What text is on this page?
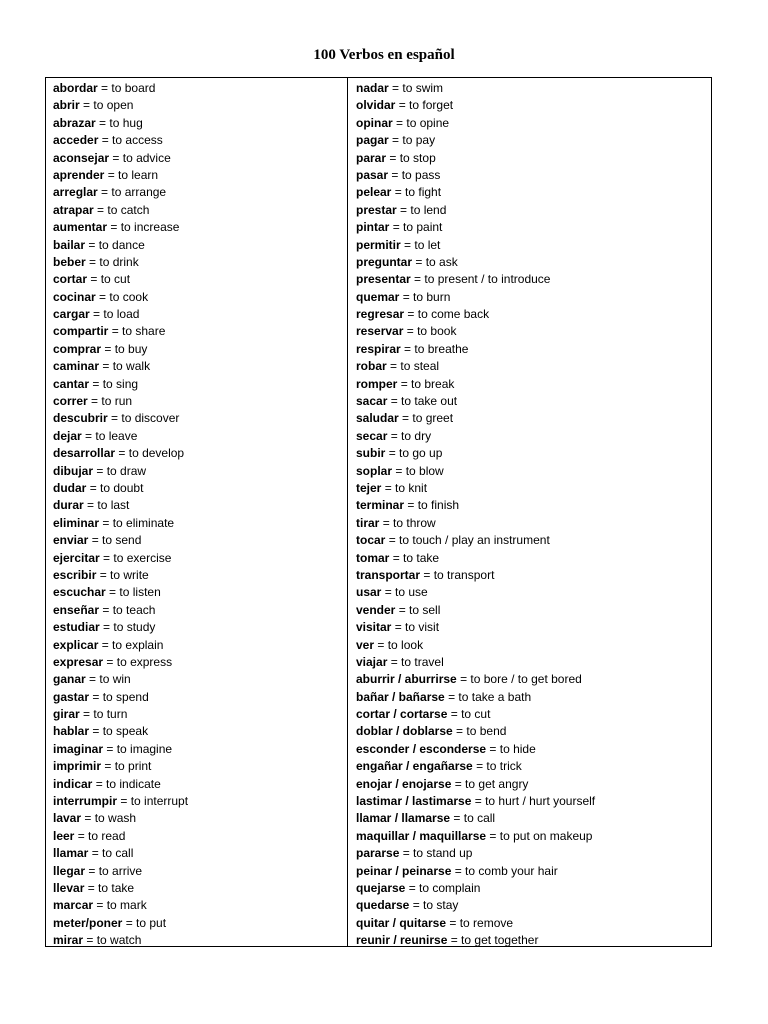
100 Verbos en español
abordar = to board
abrir = to open
abrazar = to hug
acceder = to access
aconsejar = to advice
aprender = to learn
arreglar = to arrange
atrapar = to catch
aumentar = to increase
bailar = to dance
beber = to drink
cortar = to cut
cocinar = to cook
cargar = to load
compartir = to share
comprar = to buy
caminar = to walk
cantar = to sing
correr = to run
descubrir = to discover
dejar = to leave
desarrollar = to develop
dibujar = to draw
dudar = to doubt
durar = to last
eliminar = to eliminate
enviar = to send
ejercitar = to exercise
escribir = to write
escuchar = to listen
enseñar = to teach
estudiar = to study
explicar = to explain
expresar = to express
ganar = to win
gastar = to spend
girar = to turn
hablar = to speak
imaginar = to imagine
imprimir = to print
indicar = to indicate
interrumpir = to interrupt
lavar = to wash
leer = to read
llamar = to call
llegar = to arrive
llevar = to take
marcar = to mark
meter/poner = to put
mirar = to watch
nadar = to swim
olvidar = to forget
opinar = to opine
pagar = to pay
parar = to stop
pasar = to pass
pelear = to fight
prestar = to lend
pintar = to paint
permitir = to let
preguntar = to ask
presentar = to present / to introduce
quemar = to burn
regresar = to come back
reservar = to book
respirar = to breathe
robar = to steal
romper = to break
sacar = to take out
saludar = to greet
secar = to dry
subir = to go up
soplar = to blow
tejer = to knit
terminar = to finish
tirar = to throw
tocar = to touch / play an instrument
tomar = to take
transportar = to transport
usar = to use
vender = to sell
visitar = to visit
ver = to look
viajar = to travel
aburrir / aburrirse = to bore / to get bored
bañar / bañarse = to take a bath
cortar / cortarse = to cut
doblar / doblarse = to bend
esconder / esconderse = to hide
engañar / engañarse = to trick
enojar / enojarse = to get angry
lastimar / lastimarse = to hurt / hurt yourself
llamar / llamarse = to call
maquillar / maquillarse = to put on makeup
pararse = to stand up
peinar / peinarse = to comb your hair
quejarse = to complain
quedarse = to stay
quitar / quitarse = to remove
reunir / reunirse = to get together
